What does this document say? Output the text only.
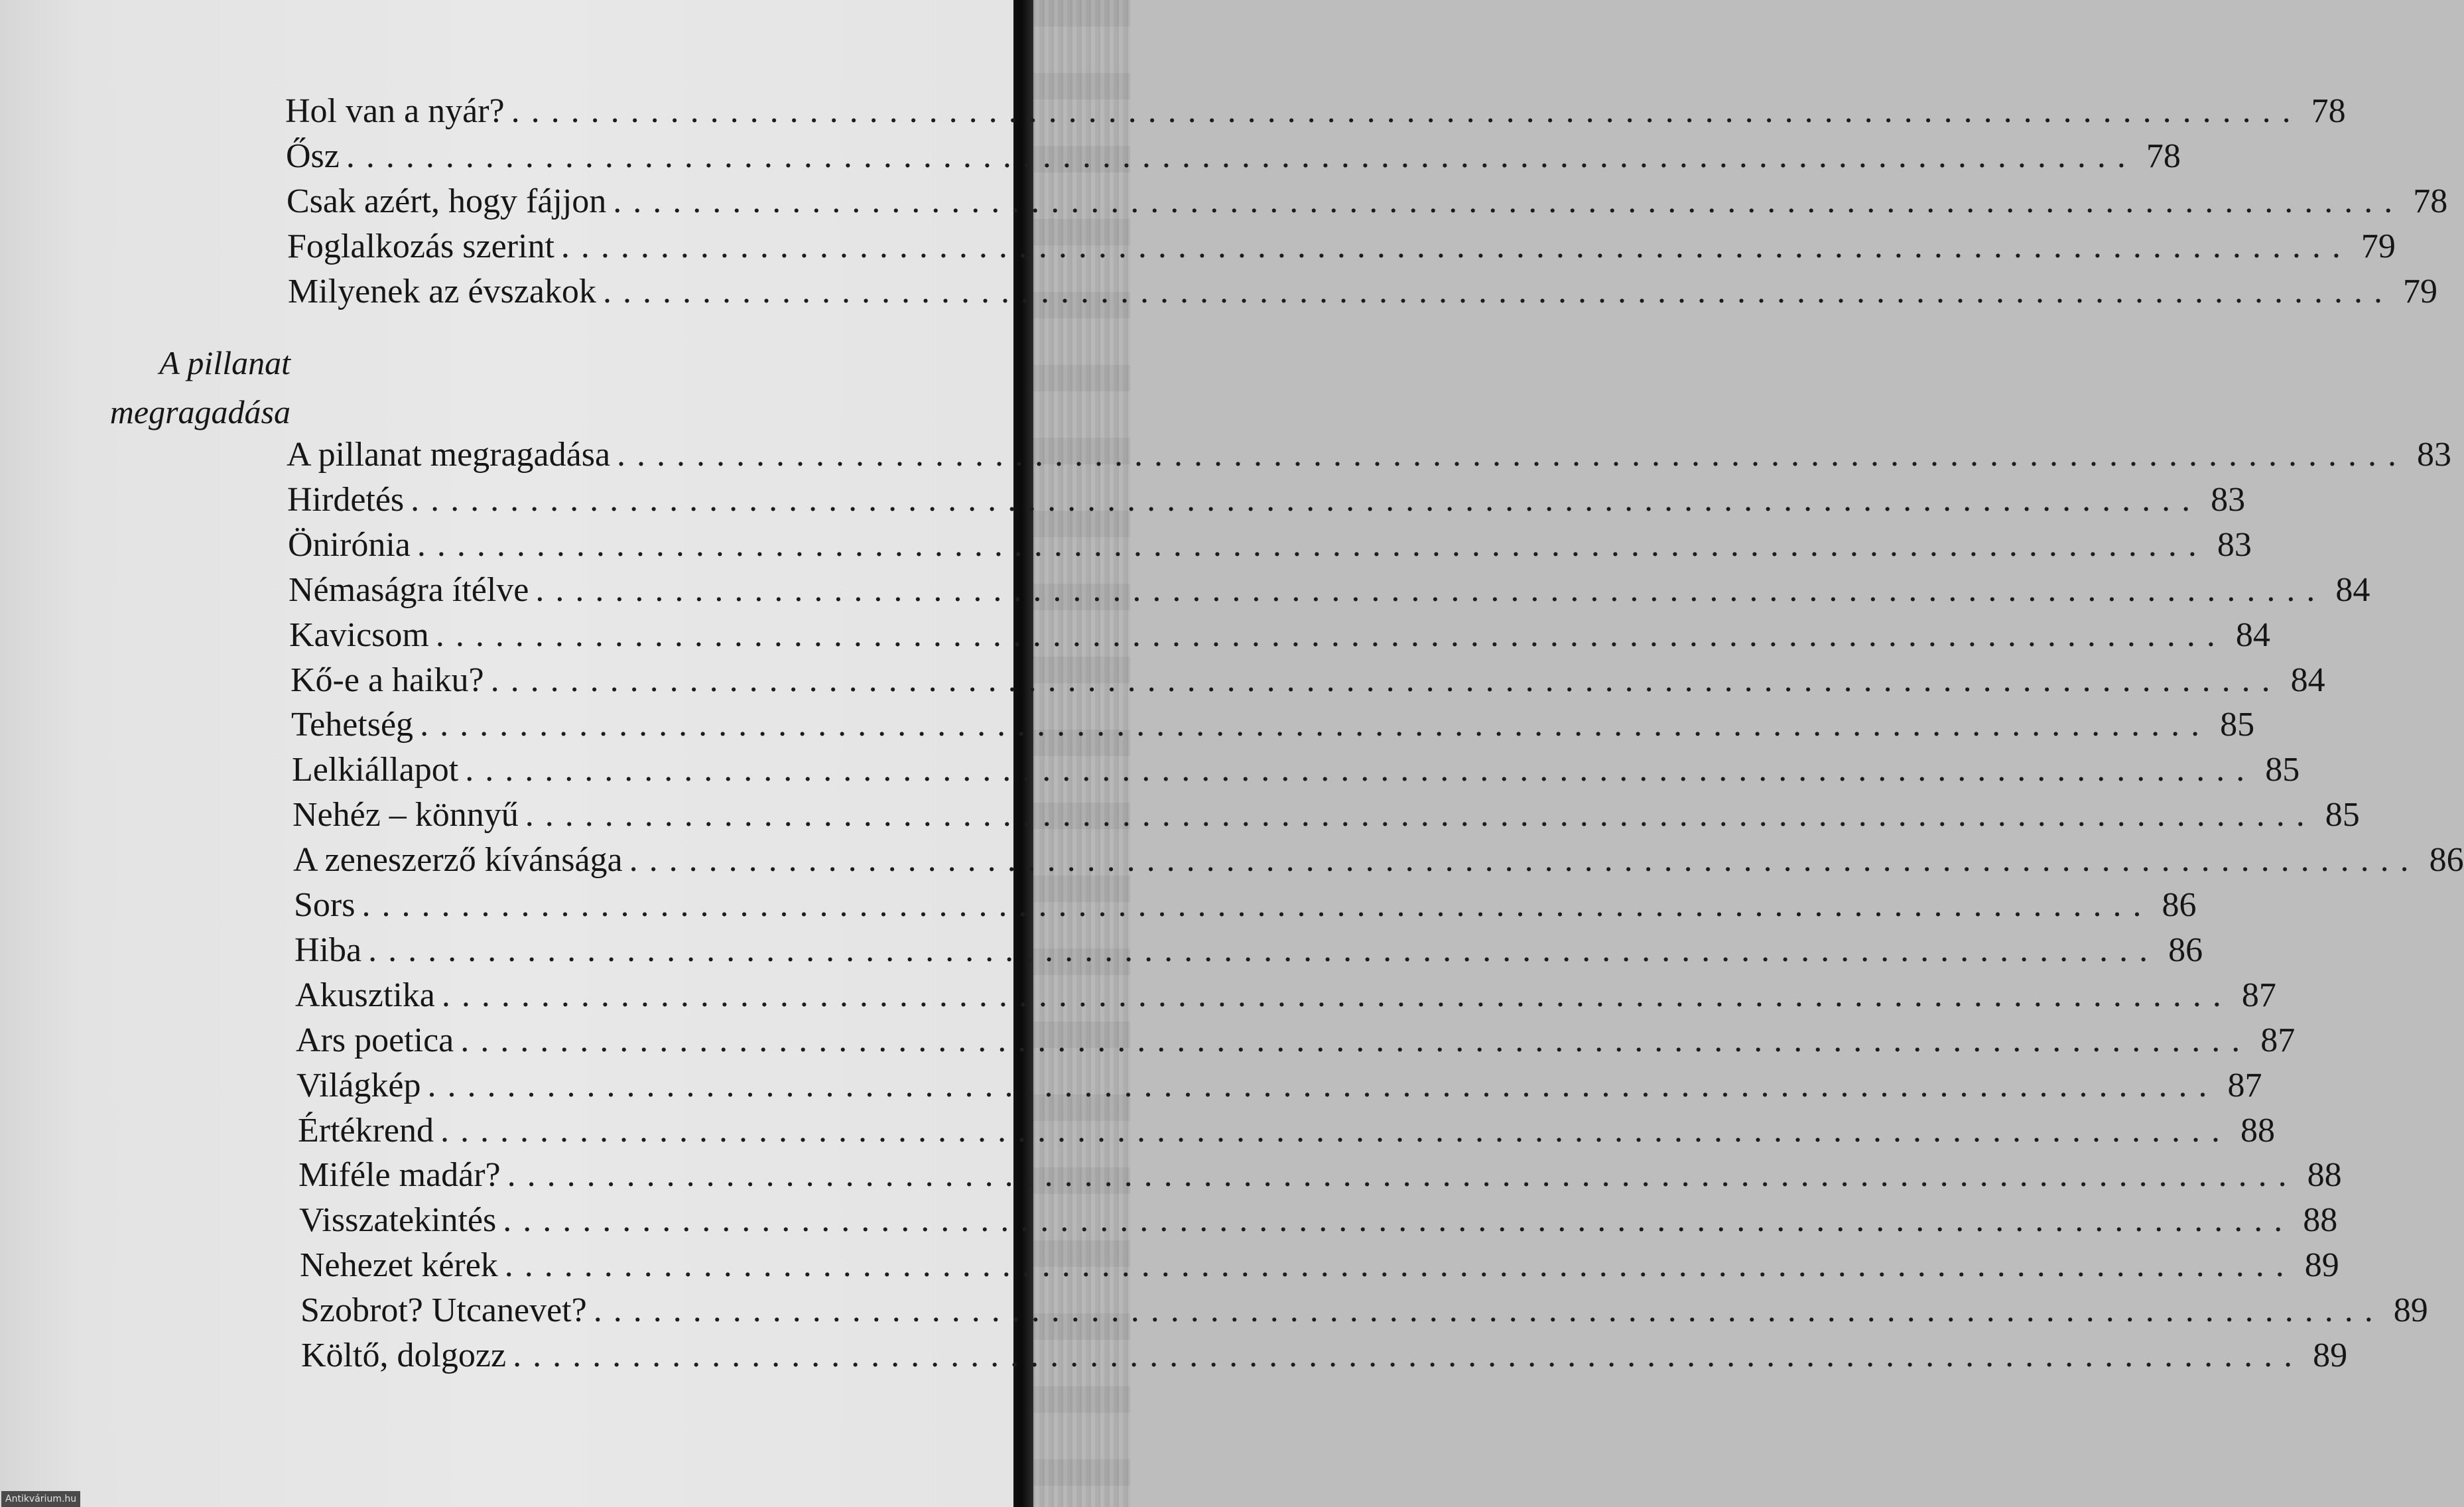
A pillanat
megragadása
Hol van a nyár? .......................................................................................... 78
Ősz .......................................................................................... 78
Csak azért, hogy fájjon .......................................................................................... 78
Foglalkozás szerint .......................................................................................... 79
Milyenek az évszakok .......................................................................................... 79
A pillanat megragadása .......................................................................................... 83
Hirdetés .......................................................................................... 83
Önirónia .......................................................................................... 83
Némaságra ítélve .......................................................................................... 84
Kavicsom .......................................................................................... 84
Kő-e a haiku? .......................................................................................... 84
Tehetség .......................................................................................... 85
Lelkiállapot .......................................................................................... 85
Nehéz – könnyű .......................................................................................... 85
A zeneszerző kívánsága .......................................................................................... 86
Sors .......................................................................................... 86
Hiba .......................................................................................... 86
Akusztika .......................................................................................... 87
Ars poetica .......................................................................................... 87
Világkép .......................................................................................... 87
Értékrend .......................................................................................... 88
Miféle madár? .......................................................................................... 88
Visszatekintés .......................................................................................... 88
Nehezet kérek .......................................................................................... 89
Szobrot? Utcanevet? .......................................................................................... 89
Költő, dolgozz .......................................................................................... 89
Antikvárium.hu
